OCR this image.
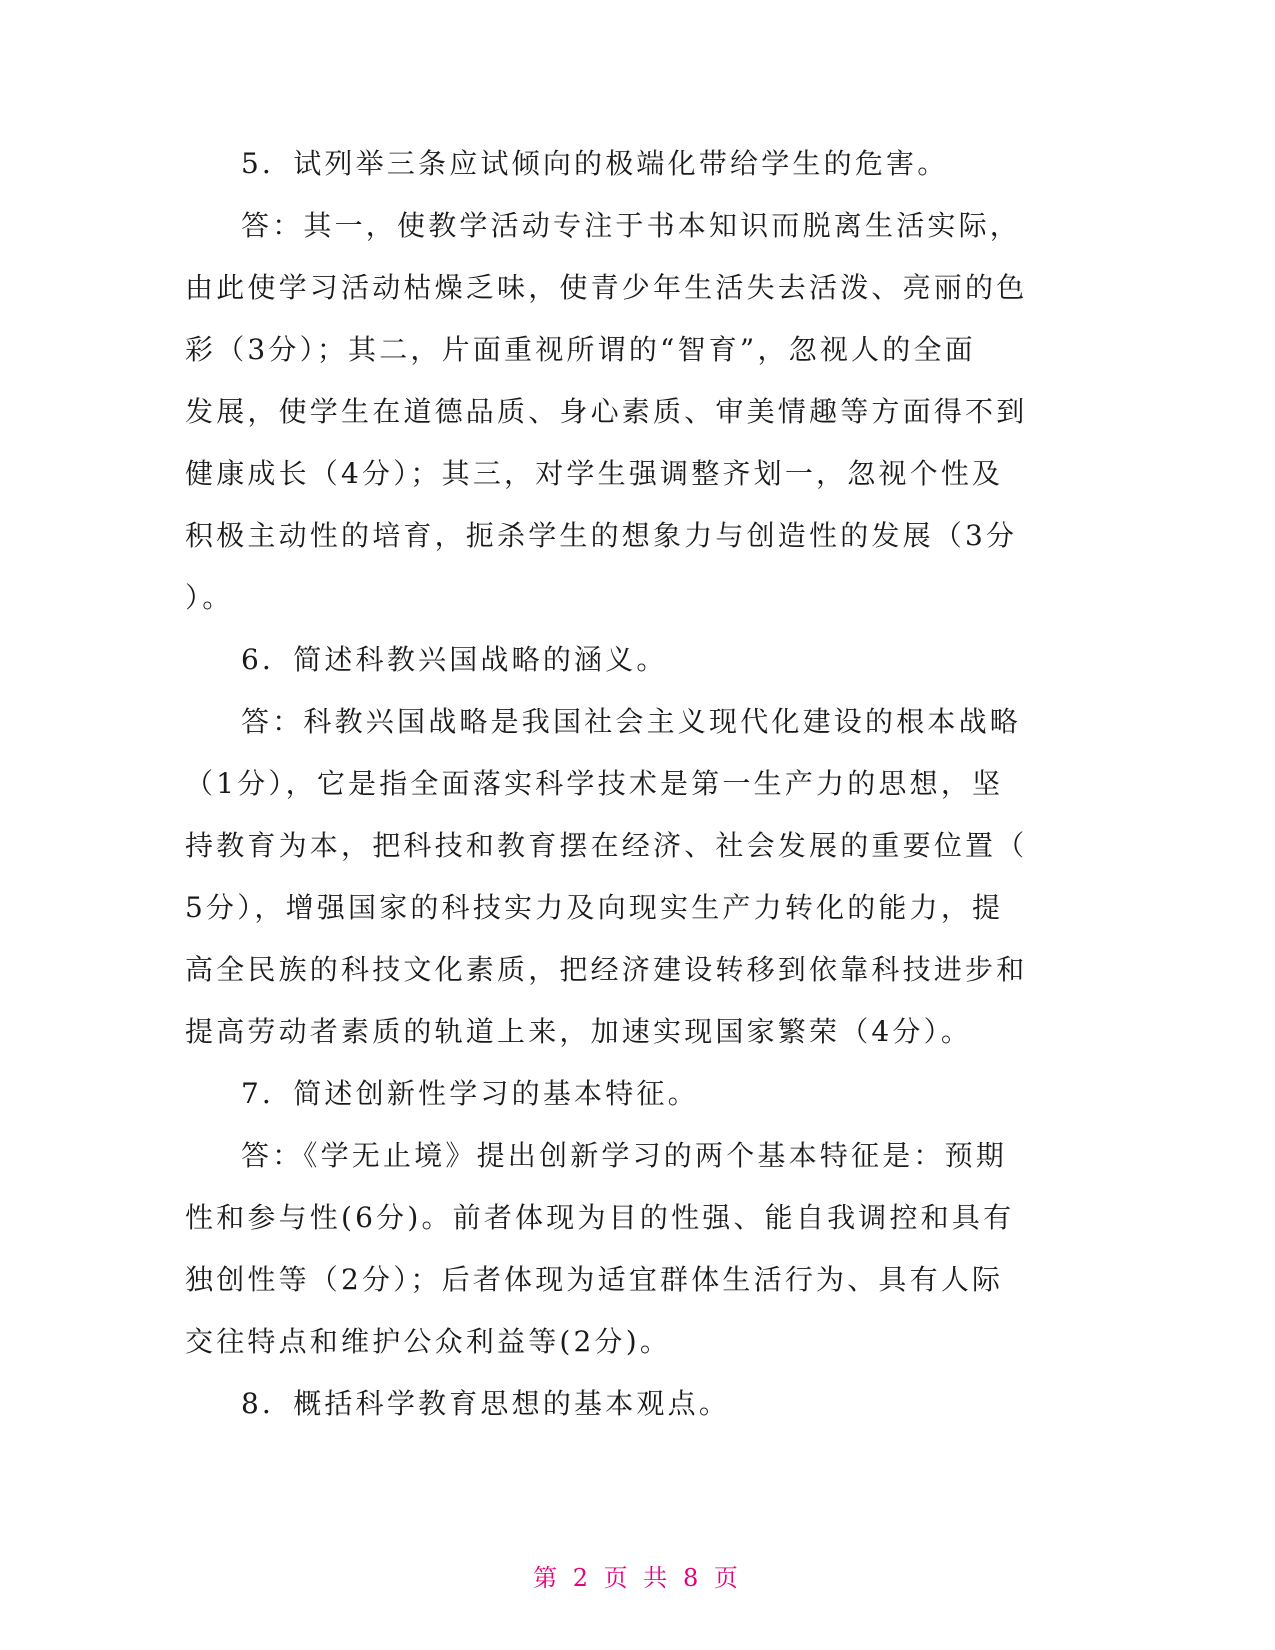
5．试列举三条应试倾向的极端化带给学生的危害。
答：其一，使教学活动专注于书本知识而脱离生活实际，
由此使学习活动枯燥乏味，使青少年生活失去活泼、亮丽的色
彩（3分）；其二，片面重视所谓的“智育”，忽视人的全面
发展，使学生在道德品质、身心素质、审美情趣等方面得不到
健康成长（4分）；其三，对学生强调整齐划一，忽视个性及
积极主动性的培育，扼杀学生的想象力与创造性的发展（3分
）。
6．简述科教兴国战略的涵义。
答：科教兴国战略是我国社会主义现代化建设的根本战略
（1分），它是指全面落实科学技术是第一生产力的思想，坚
持教育为本，把科技和教育摆在经济、社会发展的重要位置（
5分），增强国家的科技实力及向现实生产力转化的能力，提
高全民族的科技文化素质，把经济建设转移到依靠科技进步和
提高劳动者素质的轨道上来，加速实现国家繁荣（4分）。
7．简述创新性学习的基本特征。
答：《学无止境》提出创新学习的两个基本特征是：预期
性和参与性(6分)。前者体现为目的性强、能自我调控和具有
独创性等（2分）；后者体现为适宜群体生活行为、具有人际
交往特点和维护公众利益等(2分)。
8．概括科学教育思想的基本观点。
第 2 页 共 8 页
